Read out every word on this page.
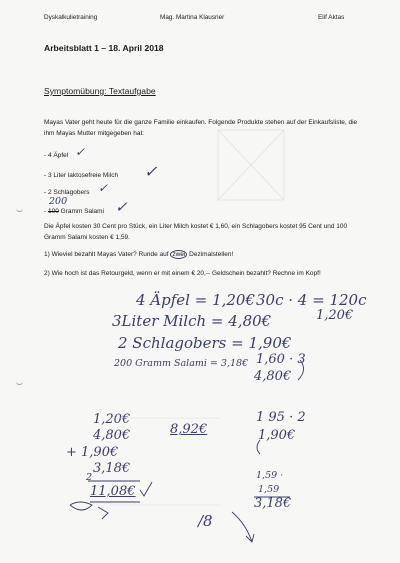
Dyskalkulietraining	Mag. Martina Klausner	Elif Aktas
Arbeitsblatt 1 – 18. April 2018
Symptomübung: Textaufgabe
Mayas Vater geht heute für die ganze Familie einkaufen. Folgende Produkte stehen auf der Einkaufsliste, die ihm Mayas Mutter mitgegeben hat:
- 4 Äpfel
- 3 Liter laktosefreie Milch
- 2 Schlagobers
- 100 Gramm Salami
200
✓
✓
✓
✓
Die Äpfel kosten 30 Cent pro Stück, ein Liter Milch kostet € 1,60, ein Schlagobers kostet 95 Cent und 100 Gramm Salami kosten € 1,59.
1) Wieviel bezahlt Mayas Vater? Runde auf zwei Dezimalstellen!
2) Wie hoch ist das Retourgeld, wenn er mit einem € 20,-- Geldschein bezahlt? Rechne im Kopf!
4 Äpfel = 1,20€ 30c · 4 = 120c
1,20€
3Liter Milch = 4,80€
2 Schlagobers = 1,90€
200 Gramm Salami = 3,18€ 1,60 · 3
4,80€
1,20€
4,80€
+ 1,90€
3,18€
2
11,08€
8,92€
1 95 · 2
1,90€
1,59 ·
1,59
3,18€
/8
